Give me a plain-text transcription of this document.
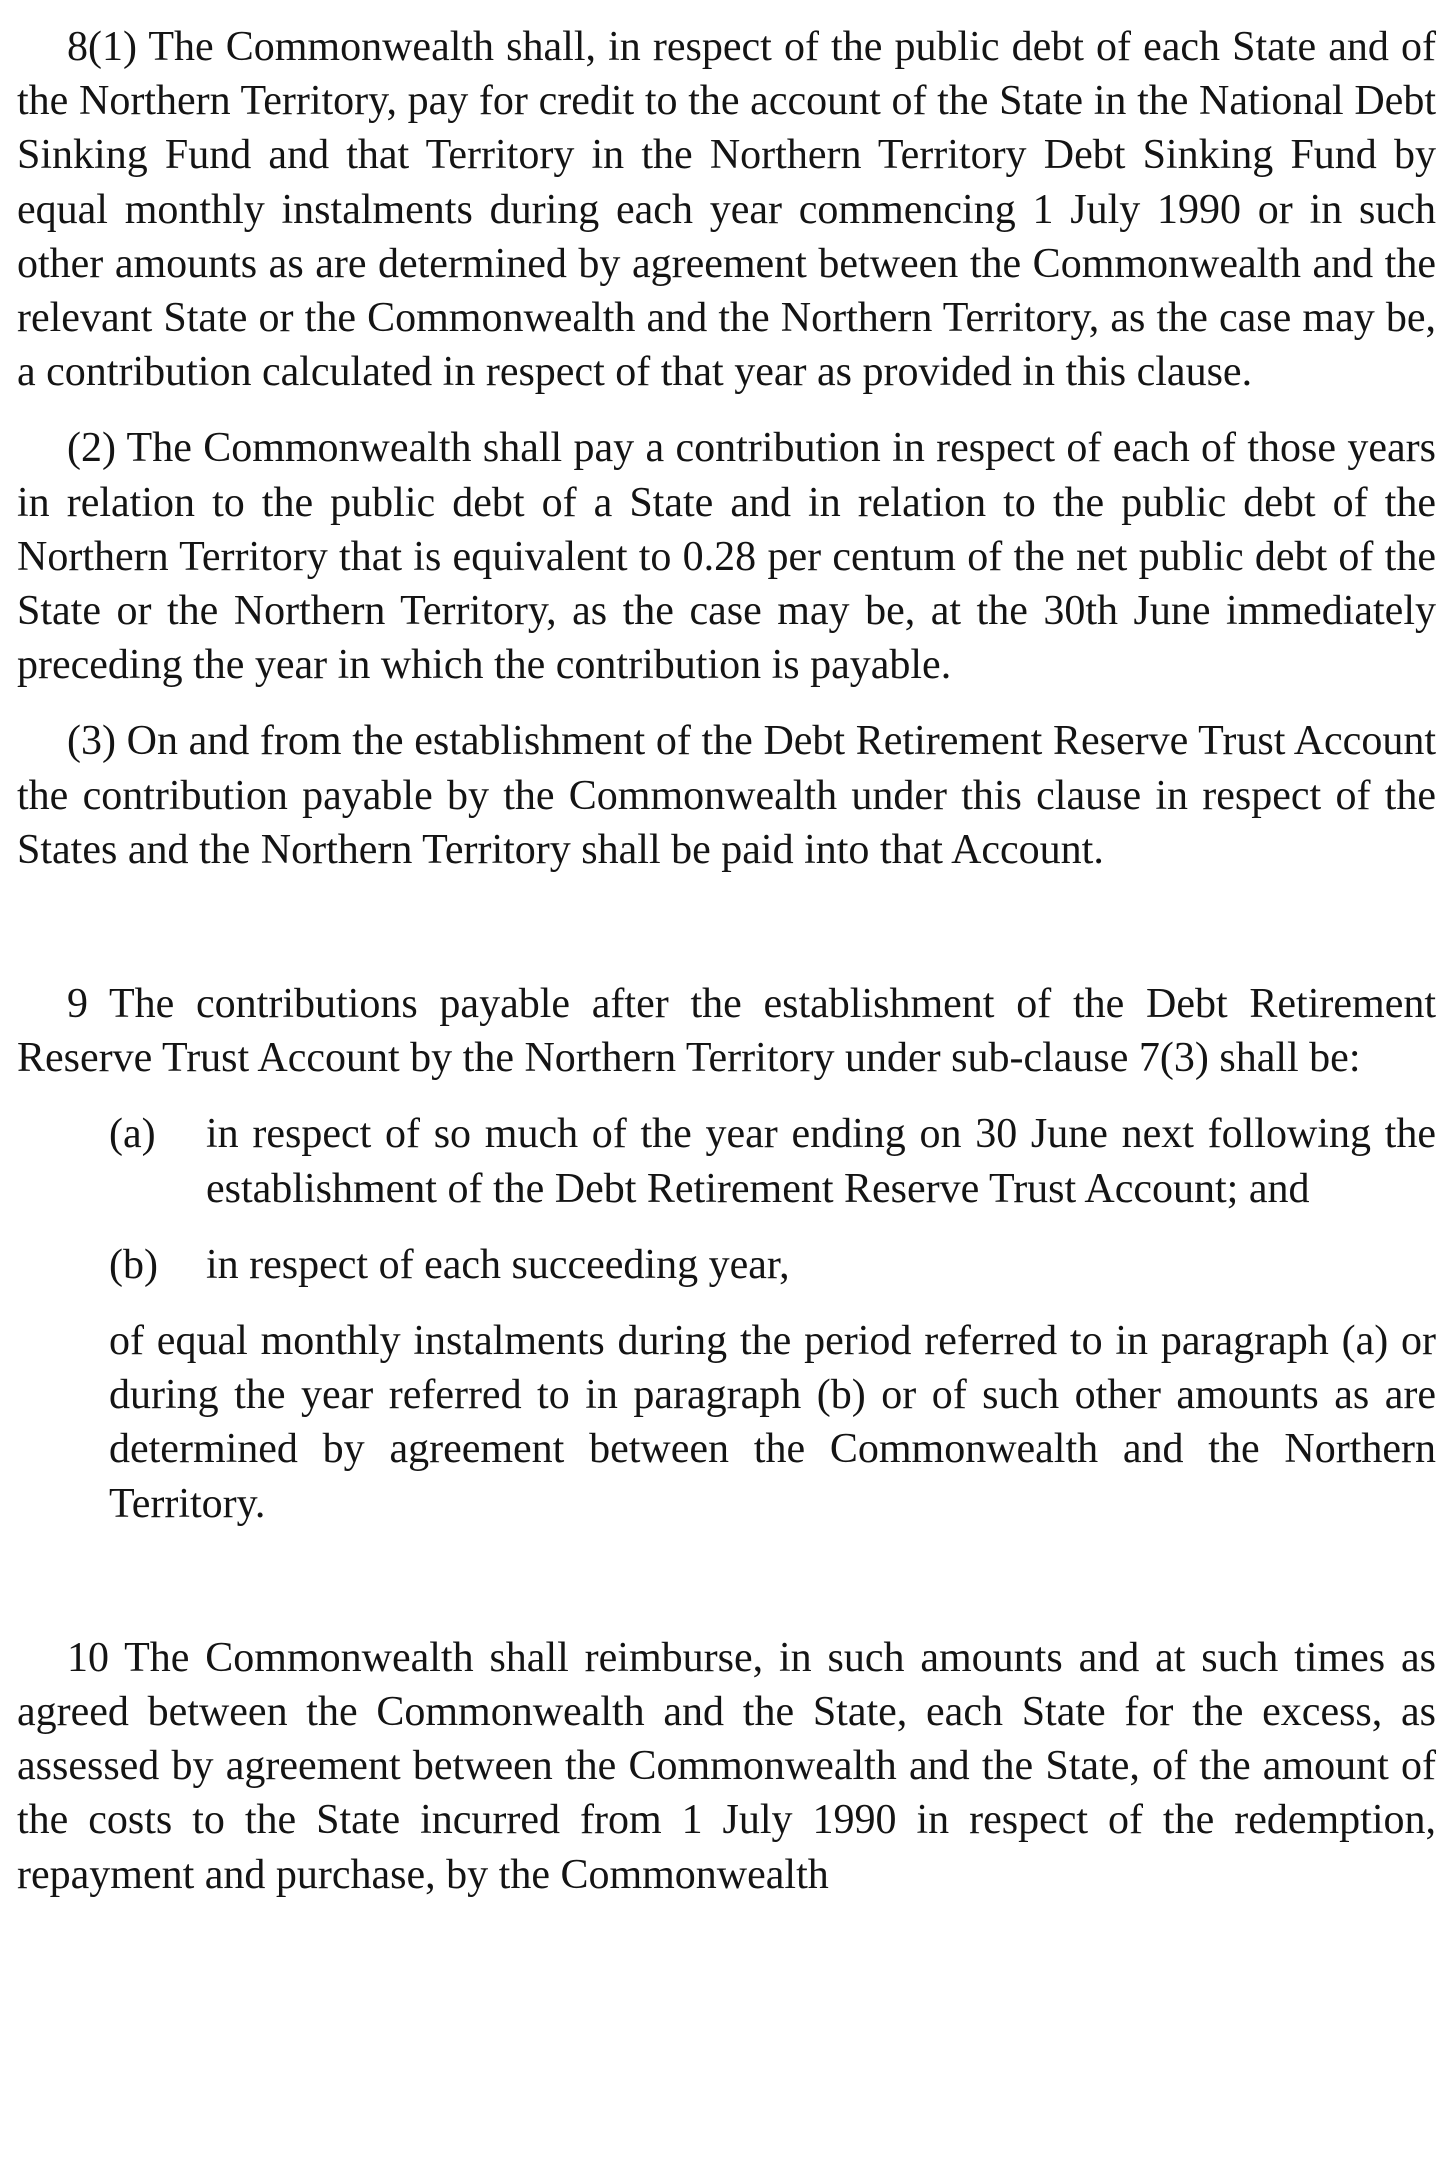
8(1) The Commonwealth shall, in respect of the public debt of each State and of the Northern Territory, pay for credit to the account of the State in the National Debt Sinking Fund and that Territory in the Northern Territory Debt Sinking Fund by equal monthly instalments during each year commencing 1 July 1990 or in such other amounts as are determined by agreement between the Commonwealth and the relevant State or the Commonwealth and the Northern Territory, as the case may be, a contribution calculated in respect of that year as provided in this clause.

(2) The Commonwealth shall pay a contribution in respect of each of those years in relation to the public debt of a State and in relation to the public debt of the Northern Territory that is equivalent to 0.28 per centum of the net public debt of the State or the Northern Territory, as the case may be, at the 30th June immediately preceding the year in which the contribution is payable.

(3) On and from the establishment of the Debt Retirement Reserve Trust Account the contribution payable by the Commonwealth under this clause in respect of the States and the Northern Territory shall be paid into that Account.

9 The contributions payable after the establishment of the Debt Retirement Reserve Trust Account by the Northern Territory under sub-clause 7(3) shall be:

(a) in respect of so much of the year ending on 30 June next following the establishment of the Debt Retirement Reserve Trust Account; and
(b) in respect of each succeeding year,

of equal monthly instalments during the period referred to in paragraph (a) or during the year referred to in paragraph (b) or of such other amounts as are determined by agreement between the Commonwealth and the Northern Territory.

10 The Commonwealth shall reimburse, in such amounts and at such times as agreed between the Commonwealth and the State, each State for the excess, as assessed by agreement between the Commonwealth and the State, of the amount of the costs to the State incurred from 1 July 1990 in respect of the redemption, repayment and purchase, by the Commonwealth
